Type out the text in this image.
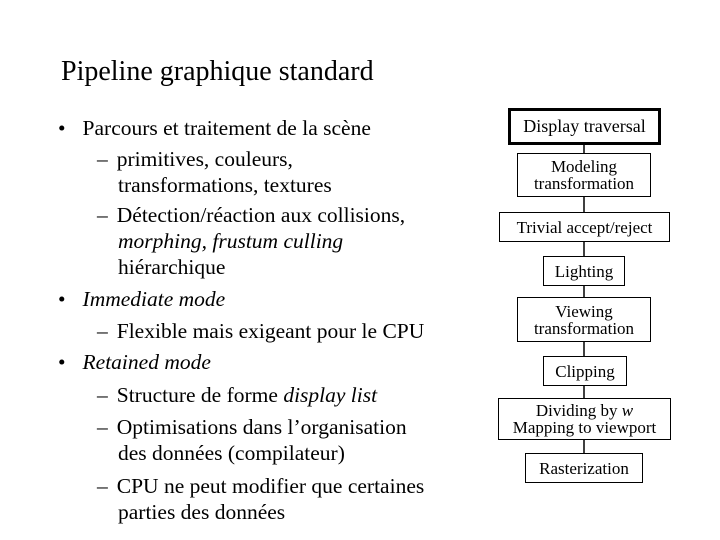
Pipeline graphique standard
• Parcours et traitement de la scène
– primitives, couleurs,
transformations, textures
– Détection/réaction aux collisions,
morphing, frustum culling
hiérarchique
• Immediate mode
– Flexible mais exigeant pour le CPU
• Retained mode
– Structure de forme display list
– Optimisations dans l’organisation
des données (compilateur)
– CPU ne peut modifier que certaines
parties des données
Display traversal
Modeling
transformation
Trivial accept/reject
Lighting
Viewing
transformation
Clipping
Dividing by w
Mapping to viewport
Rasterization
